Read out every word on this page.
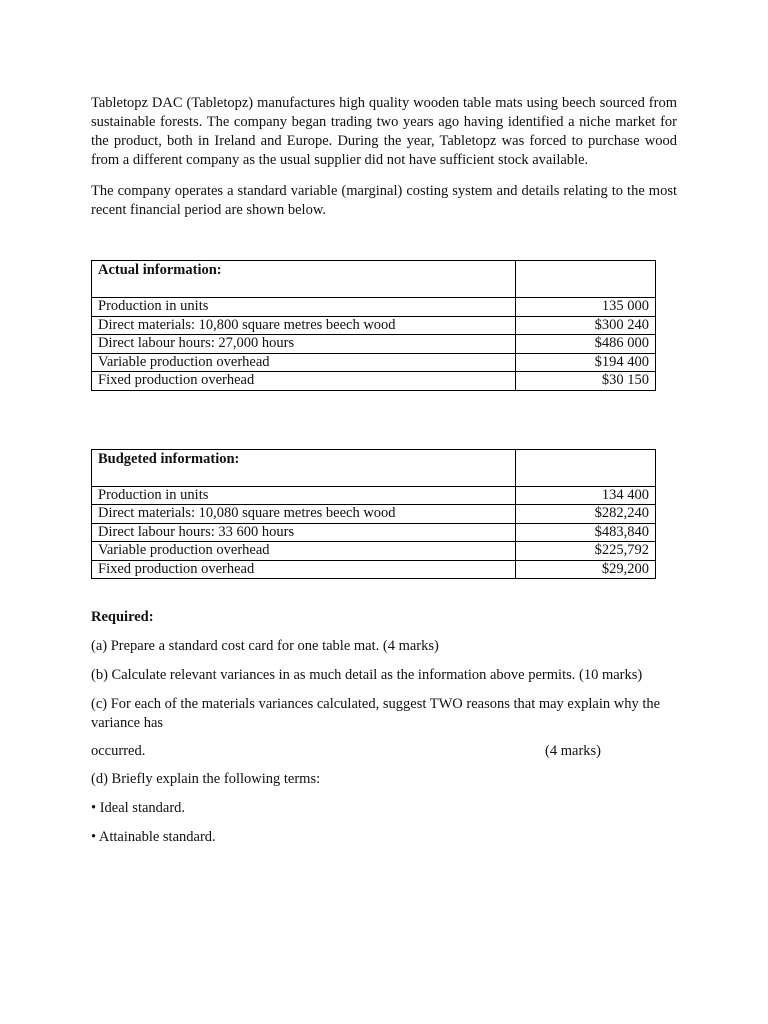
Tabletopz DAC (Tabletopz) manufactures high quality wooden table mats using beech sourced from sustainable forests. The company began trading two years ago having identified a niche market for the product, both in Ireland and Europe. During the year, Tabletopz was forced to purchase wood from a different company as the usual supplier did not have sufficient stock available.

The company operates a standard variable (marginal) costing system and details relating to the most recent financial period are shown below.

Actual information:	
Production in units	135 000
Direct materials: 10,800 square metres beech wood	$300 240
Direct labour hours: 27,000 hours	$486 000
Variable production overhead	$194 400
Fixed production overhead	$30 150
Budgeted information:	
Production in units	134 400
Direct materials: 10,080 square metres beech wood	$282,240
Direct labour hours: 33 600 hours	$483,840
Variable production overhead	$225,792
Fixed production overhead	$29,200

Required:

(a) Prepare a standard cost card for one table mat. (4 marks)

(b) Calculate relevant variances in as much detail as the information above permits. (10 marks)

(c) For each of the materials variances calculated, suggest TWO reasons that may explain why the variance has

occurred.	(4 marks)

(d) Briefly explain the following terms:

• Ideal standard.

• Attainable standard.
